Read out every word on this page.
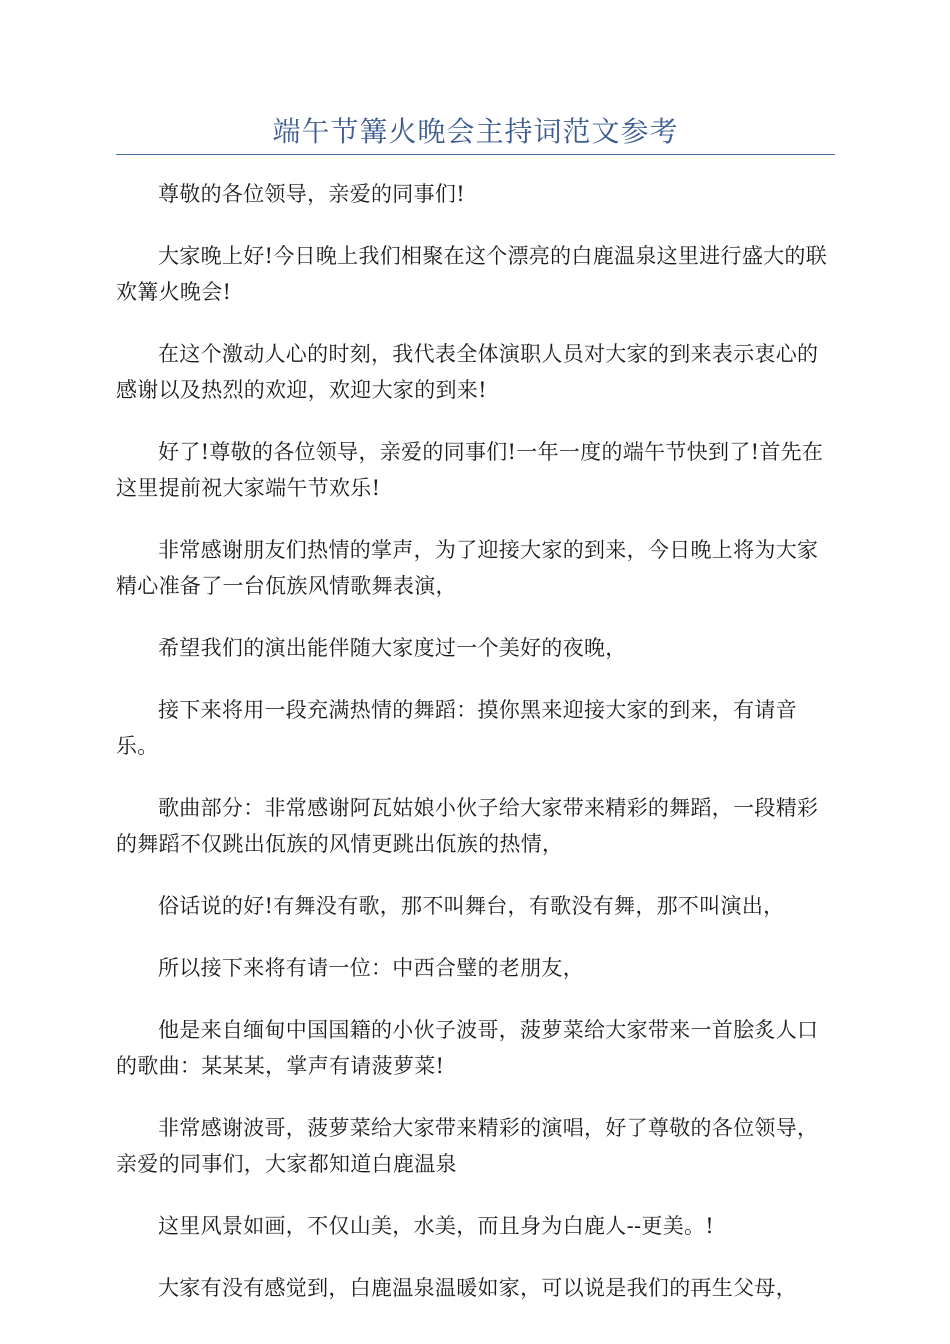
端午节篝火晚会主持词范文参考

尊敬的各位领导，亲爱的同事们!

大家晚上好!今日晚上我们相聚在这个漂亮的白鹿温泉这里进行盛大的联欢篝火晚会!

在这个激动人心的时刻，我代表全体演职人员对大家的到来表示衷心的感谢以及热烈的欢迎，欢迎大家的到来!

好了!尊敬的各位领导，亲爱的同事们!一年一度的端午节快到了!首先在这里提前祝大家端午节欢乐!

非常感谢朋友们热情的掌声，为了迎接大家的到来，今日晚上将为大家精心准备了一台佤族风情歌舞表演，

希望我们的演出能伴随大家度过一个美好的夜晚，

接下来将用一段充满热情的舞蹈：摸你黑来迎接大家的到来，有请音乐。

歌曲部分：非常感谢阿瓦姑娘小伙子给大家带来精彩的舞蹈，一段精彩的舞蹈不仅跳出佤族的风情更跳出佤族的热情，

俗话说的好!有舞没有歌，那不叫舞台，有歌没有舞，那不叫演出，

所以接下来将有请一位：中西合璧的老朋友，

他是来自缅甸中国国籍的小伙子波哥，菠萝菜给大家带来一首脍炙人口的歌曲：某某某，掌声有请菠萝菜!

非常感谢波哥，菠萝菜给大家带来精彩的演唱，好了尊敬的各位领导，亲爱的同事们，大家都知道白鹿温泉

这里风景如画，不仅山美，水美，而且身为白鹿人--更美。!

大家有没有感觉到，白鹿温泉温暖如家，可以说是我们的再生父母，
